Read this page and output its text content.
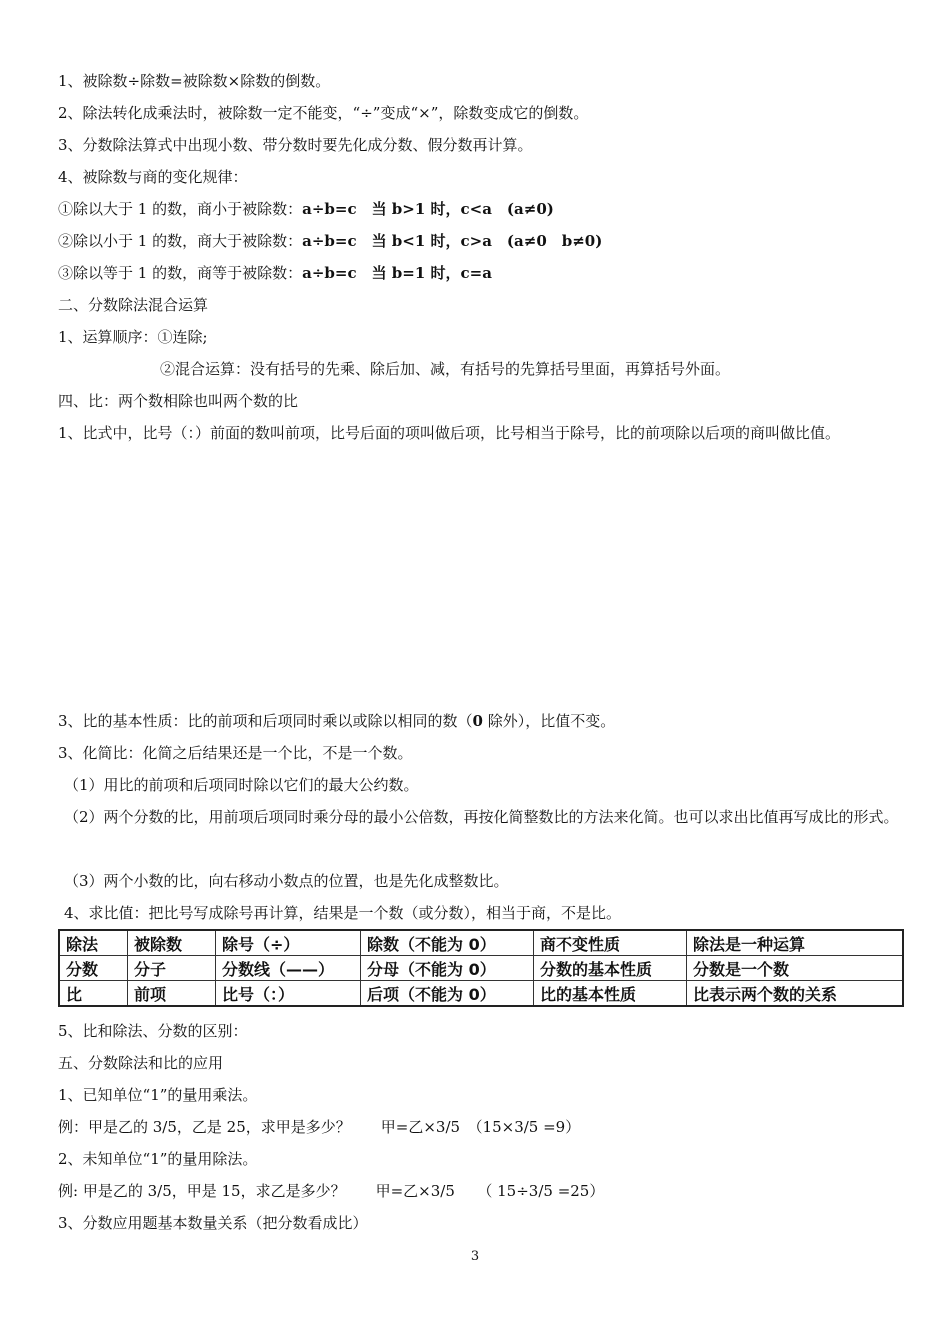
1、被除数÷除数=被除数×除数的倒数。
2、除法转化成乘法时，被除数一定不能变，“÷”变成“×”，除数变成它的倒数。
3、分数除法算式中出现小数、带分数时要先化成分数、假分数再计算。
4、被除数与商的变化规律：
①除以大于 1 的数，商小于被除数：a÷b=c　当 b>1 时，c<a　(a≠0)
②除以小于 1 的数，商大于被除数：a÷b=c　当 b<1 时，c>a　(a≠0　b≠0)
③除以等于 1 的数，商等于被除数：a÷b=c　当 b=1 时，c=a
二、分数除法混合运算
1、运算顺序：①连除;
②混合运算：没有括号的先乘、除后加、减，有括号的先算括号里面，再算括号外面。
四、比：两个数相除也叫两个数的比
1、比式中，比号（：）前面的数叫前项，比号后面的项叫做后项，比号相当于除号，比的前项除以后项的商叫做比值。
3、比的基本性质：比的前项和后项同时乘以或除以相同的数（0 除外），比值不变。
3、化简比：化简之后结果还是一个比，不是一个数。
（1）用比的前项和后项同时除以它们的最大公约数。
（2）两个分数的比，用前项后项同时乘分母的最小公倍数，再按化简整数比的方法来化简。也可以求出比值再写成比的形式。
（3）两个小数的比，向右移动小数点的位置，也是先化成整数比。
4、求比值：把比号写成除号再计算，结果是一个数（或分数），相当于商，不是比。
除法	被除数	除号（÷）	除数（不能为 0）	商不变性质	除法是一种运算
分数	分子	分数线（——）	分母（不能为 0）	分数的基本性质	分数是一个数
比	前项	比号（：）	后项（不能为 0）	比的基本性质	比表示两个数的关系
5、比和除法、分数的区别：
五、分数除法和比的应用
1、已知单位“1”的量用乘法。
例：甲是乙的 3/5，乙是 25，求甲是多少？　　甲=乙×3/5　（15×3/5 =9）
2、未知单位“1”的量用除法。
例: 甲是乙的 3/5，甲是 15，求乙是多少？　　甲=乙×3/5　　（ 15÷3/5 =25）
3、分数应用题基本数量关系（把分数看成比）
3
